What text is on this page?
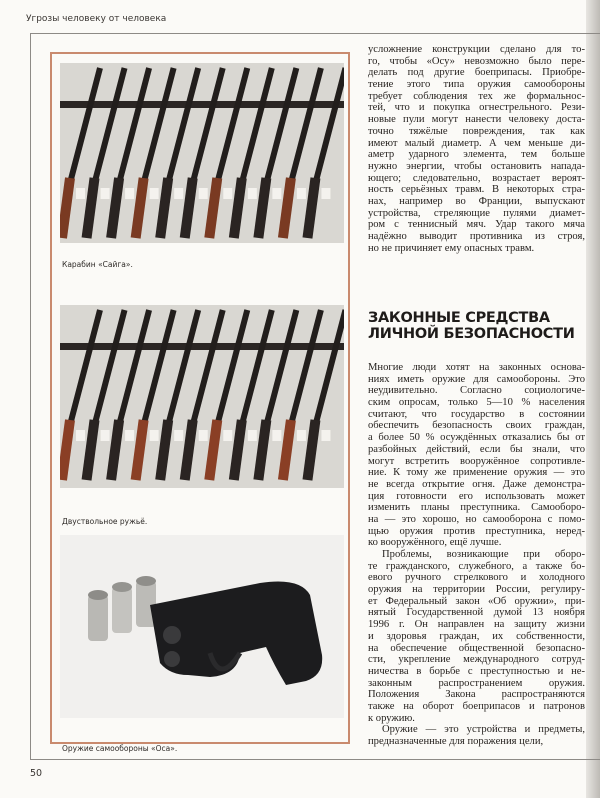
Угрозы человеку от человека
Карабин «Сайга».
Двуствольное ружьё.
Оружие самообороны «Оса».
усложнение конструкции сделано для то-
го, чтобы «Осу» невозможно было пере-
делать под другие боеприпасы. Приобре-
тение этого типа оружия самообороны
требует соблюдения тех же формальнос-
тей, что и покупка огнестрельного. Рези-
новые пули могут нанести человеку доста-
точно тяжёлые повреждения, так как
имеют малый диаметр. А чем меньше ди-
аметр ударного элемента, тем больше
нужно энергии, чтобы остановить напада-
ющего; следовательно, возрастает вероят-
ность серьёзных травм. В некоторых стра-
нах, например во Франции, выпускают
устройства, стреляющие пулями диамет-
ром с теннисный мяч. Удар такого мяча
надёжно выводит противника из строя,
но не причиняет ему опасных травм.
ЗАКОННЫЕ СРЕДСТВА
ЛИЧНОЙ БЕЗОПАСНОСТИ
Многие люди хотят на законных основа-
ниях иметь оружие для самообороны. Это
неудивительно. Согласно социологиче-
ским опросам, только 5—10 % населения
считают, что государство в состоянии
обеспечить безопасность своих граждан,
а более 50 % осуждённых отказались бы от
разбойных действий, если бы знали, что
могут встретить вооружённое сопротивле-
ние. К тому же применение оружия — это
не всегда открытие огня. Даже демонстра-
ция готовности его использовать может
изменить планы преступника. Самооборо-
на — это хорошо, но самооборона с помо-
щью оружия против преступника, неред-
ко вооружённого, ещё лучше.
Проблемы, возникающие при оборо-
те гражданского, служебного, а также бо-
евого ручного стрелкового и холодного
оружия на территории России, регулиру-
ет Федеральный закон «Об оружии», при-
нятый Государственной думой 13 ноября
1996 г. Он направлен на защиту жизни
и здоровья граждан, их собственности,
на обеспечение общественной безопасно-
сти, укрепление международного сотруд-
ничества в борьбе с преступностью и не-
законным распространением оружия.
Положения Закона распространяются
также на оборот боеприпасов и патронов
к оружию.
Оружие — это устройства и предметы,
предназначенные для поражения цели,
50
